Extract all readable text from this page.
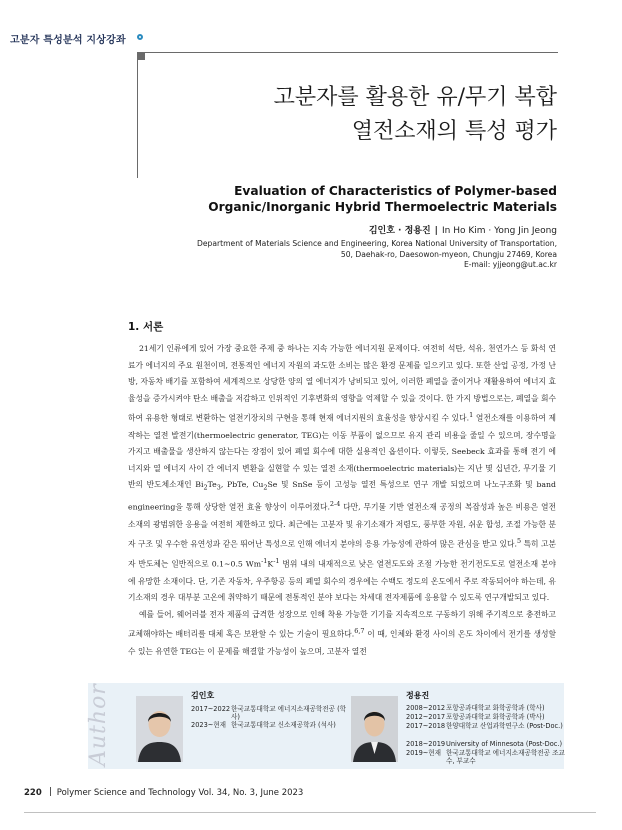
고분자 특성분석 지상강좌
고분자를 활용한 유/무기 복합
열전소재의 특성 평가
Evaluation of Characteristics of Polymer-based
Organic/Inorganic Hybrid Thermoelectric Materials
김인호 · 정용진 | In Ho Kim · Yong Jin Jeong
Department of Materials Science and Engineering, Korea National University of Transportation,
50, Daehak-ro, Daesowon-myeon, Chungju 27469, Korea
E-mail: yjjeong@ut.ac.kr
1. 서론

21세기 인류에게 있어 가장 중요한 주제 중 하나는 지속 가능한 에너지원 문제이다. 여전히 석탄, 석유, 천연가스 등 화석 연료가 에너지의 주요 원천이며, 전통적인 에너지 자원의 과도한 소비는 많은 환경 문제를 일으키고 있다. 또한 산업 공정, 가정 난방, 자동차 배기를 포함하여 세계적으로 상당한 양의 열 에너지가 낭비되고 있어, 이러한 폐열을 줄이거나 재활용하여 에너지 효율성을 증가시켜야 탄소 배출을 저감하고 인위적인 기후변화의 영향을 억제할 수 있을 것이다. 한 가지 방법으로는, 폐열을 회수하여 유용한 형태로 변환하는 열전기장치의 구현을 통해 현재 에너지원의 효율성을 향상시킬 수 있다.$^1$ 열전소재를 이용하여 제작하는 열전 발전기(thermoelectric generator, TEG)는 이동 부품이 없으므로 유지 관리 비용을 줄일 수 있으며, 장수명을 가지고 배출물을 생산하지 않는다는 장점이 있어 폐열 회수에 대한 실용적인 옵션이다. 이렇듯, Seebeck 효과를 통해 전기 에너지와 열 에너지 사이 간 에너지 변환을 실현할 수 있는 열전 소재(thermoelectric materials)는 지난 몇 십년간, 무기물 기반의 반도체소재인 $Bi_2Te_3$, PbTe, $Cu_2Se$ 및 SnSe 등이 고성능 열전 특성으로 연구 개발 되었으며 나노구조화 및 band engineering을 통해 상당한 열전 효율 향상이 이루어졌다.$^{2-4}$ 다만, 무기물 기반 열전소재 공정의 복잡성과 높은 비용은 열전 소재의 광범위한 응용을 여전히 제한하고 있다. 최근에는 고분자 및 유기소재가 저렴도, 풍부한 자원, 쉬운 합성, 조절 가능한 분자 구조 및 우수한 유연성과 같은 뛰어난 특성으로 인해 에너지 분야의 응용 가능성에 관하여 많은 관심을 받고 있다.$^5$ 특히 고분자 반도체는 일반적으로 0.1~0.5 $Wm^{-1}K^{-1}$ 범위 내의 내재적으로 낮은 열전도도와 조절 가능한 전기전도도로 열전소재 분야에 유망한 소재이다. 단, 기존 자동차, 우주항공 등의 폐열 회수의 경우에는 수백도 정도의 온도에서 주로 작동되어야 하는데, 유기소재의 경우 대부분 고온에 취약하기 때문에 전통적인 분야 보다는 차세대 전자제품에 응용할 수 있도록 연구개발되고 있다.

예를 들어, 웨어러블 전자 제품의 급격한 성장으로 인해 착용 가능한 기기를 지속적으로 구동하기 위해 주기적으로 충전하고 교체해야하는 배터리를 대체 혹은 보완할 수 있는 기술이 필요하다.$^{6,7}$ 이 때, 인체와 환경 사이의 온도 차이에서 전기를 생성할 수 있는 유연한 TEG는 이 문제를 해결할 가능성이 높으며, 고분자 열전

Author	김인호
2017~2022 한국교통대학교 에너지소재공학전공 (학사)
2023~현재 한국교통대학교 신소재공학과 (석사)
정용진
2008~2012 포항공과대학교 화학공학과 (학사)
2012~2017 포항공과대학교 화학공학과 (박사)
2017~2018 한양대학교 산업과학연구소 (Post-Doc.)
2018~2019 University of Minnesota (Post-Doc.)
2019~현재 한국교통대학교 에너지소재공학전공 조교수, 부교수
220 Polymer Science and Technology Vol. 34, No. 3, June 2023
